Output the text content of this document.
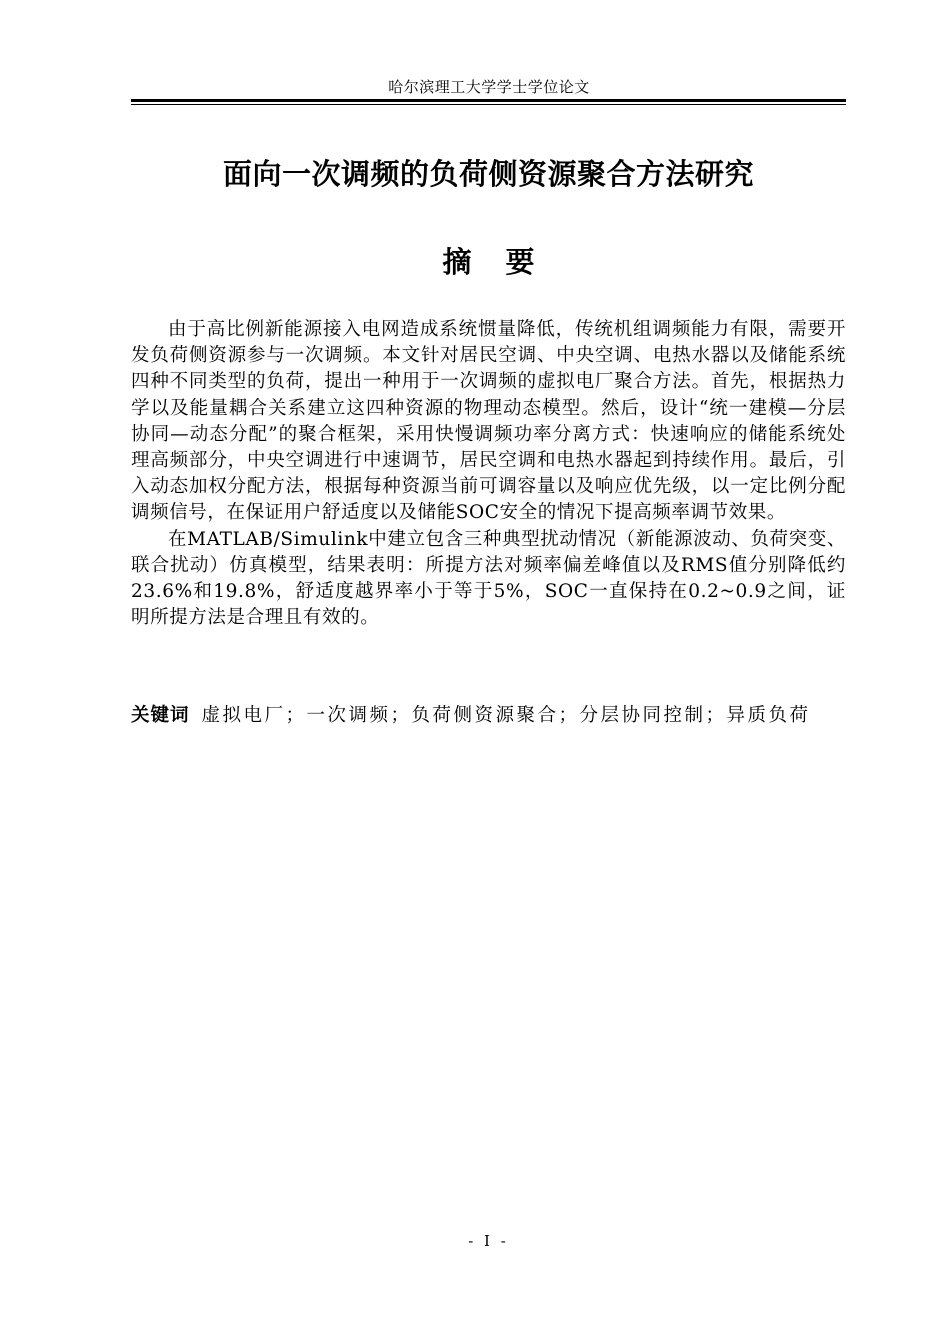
哈尔滨理工大学学士学位论文
面向一次调频的负荷侧资源聚合方法研究
摘要

由于高比例新能源接入电网造成系统惯量降低，传统机组调频能力有限，需要开发负荷侧资源参与一次调频。本文针对居民空调、中央空调、电热水器以及储能系统四种不同类型的负荷，提出一种用于一次调频的虚拟电厂聚合方法。首先，根据热力学以及能量耦合关系建立这四种资源的物理动态模型。然后，设计“统一建模—分层协同—动态分配”的聚合框架，采用快慢调频功率分离方式：快速响应的储能系统处理高频部分，中央空调进行中速调节，居民空调和电热水器起到持续作用。最后，引入动态加权分配方法，根据每种资源当前可调容量以及响应优先级，以一定比例分配调频信号，在保证用户舒适度以及储能SOC安全的情况下提高频率调节效果。

在MATLAB/Simulink中建立包含三种典型扰动情况（新能源波动、负荷突变、联合扰动）仿真模型，结果表明：所提方法对频率偏差峰值以及RMS值分别降低约23.6%和19.8%，舒适度越界率小于等于5%，SOC一直保持在0.2~0.9之间，证明所提方法是合理且有效的。

关键词 虚拟电厂；一次调频；负荷侧资源聚合；分层协同控制；异质负荷

- I -
